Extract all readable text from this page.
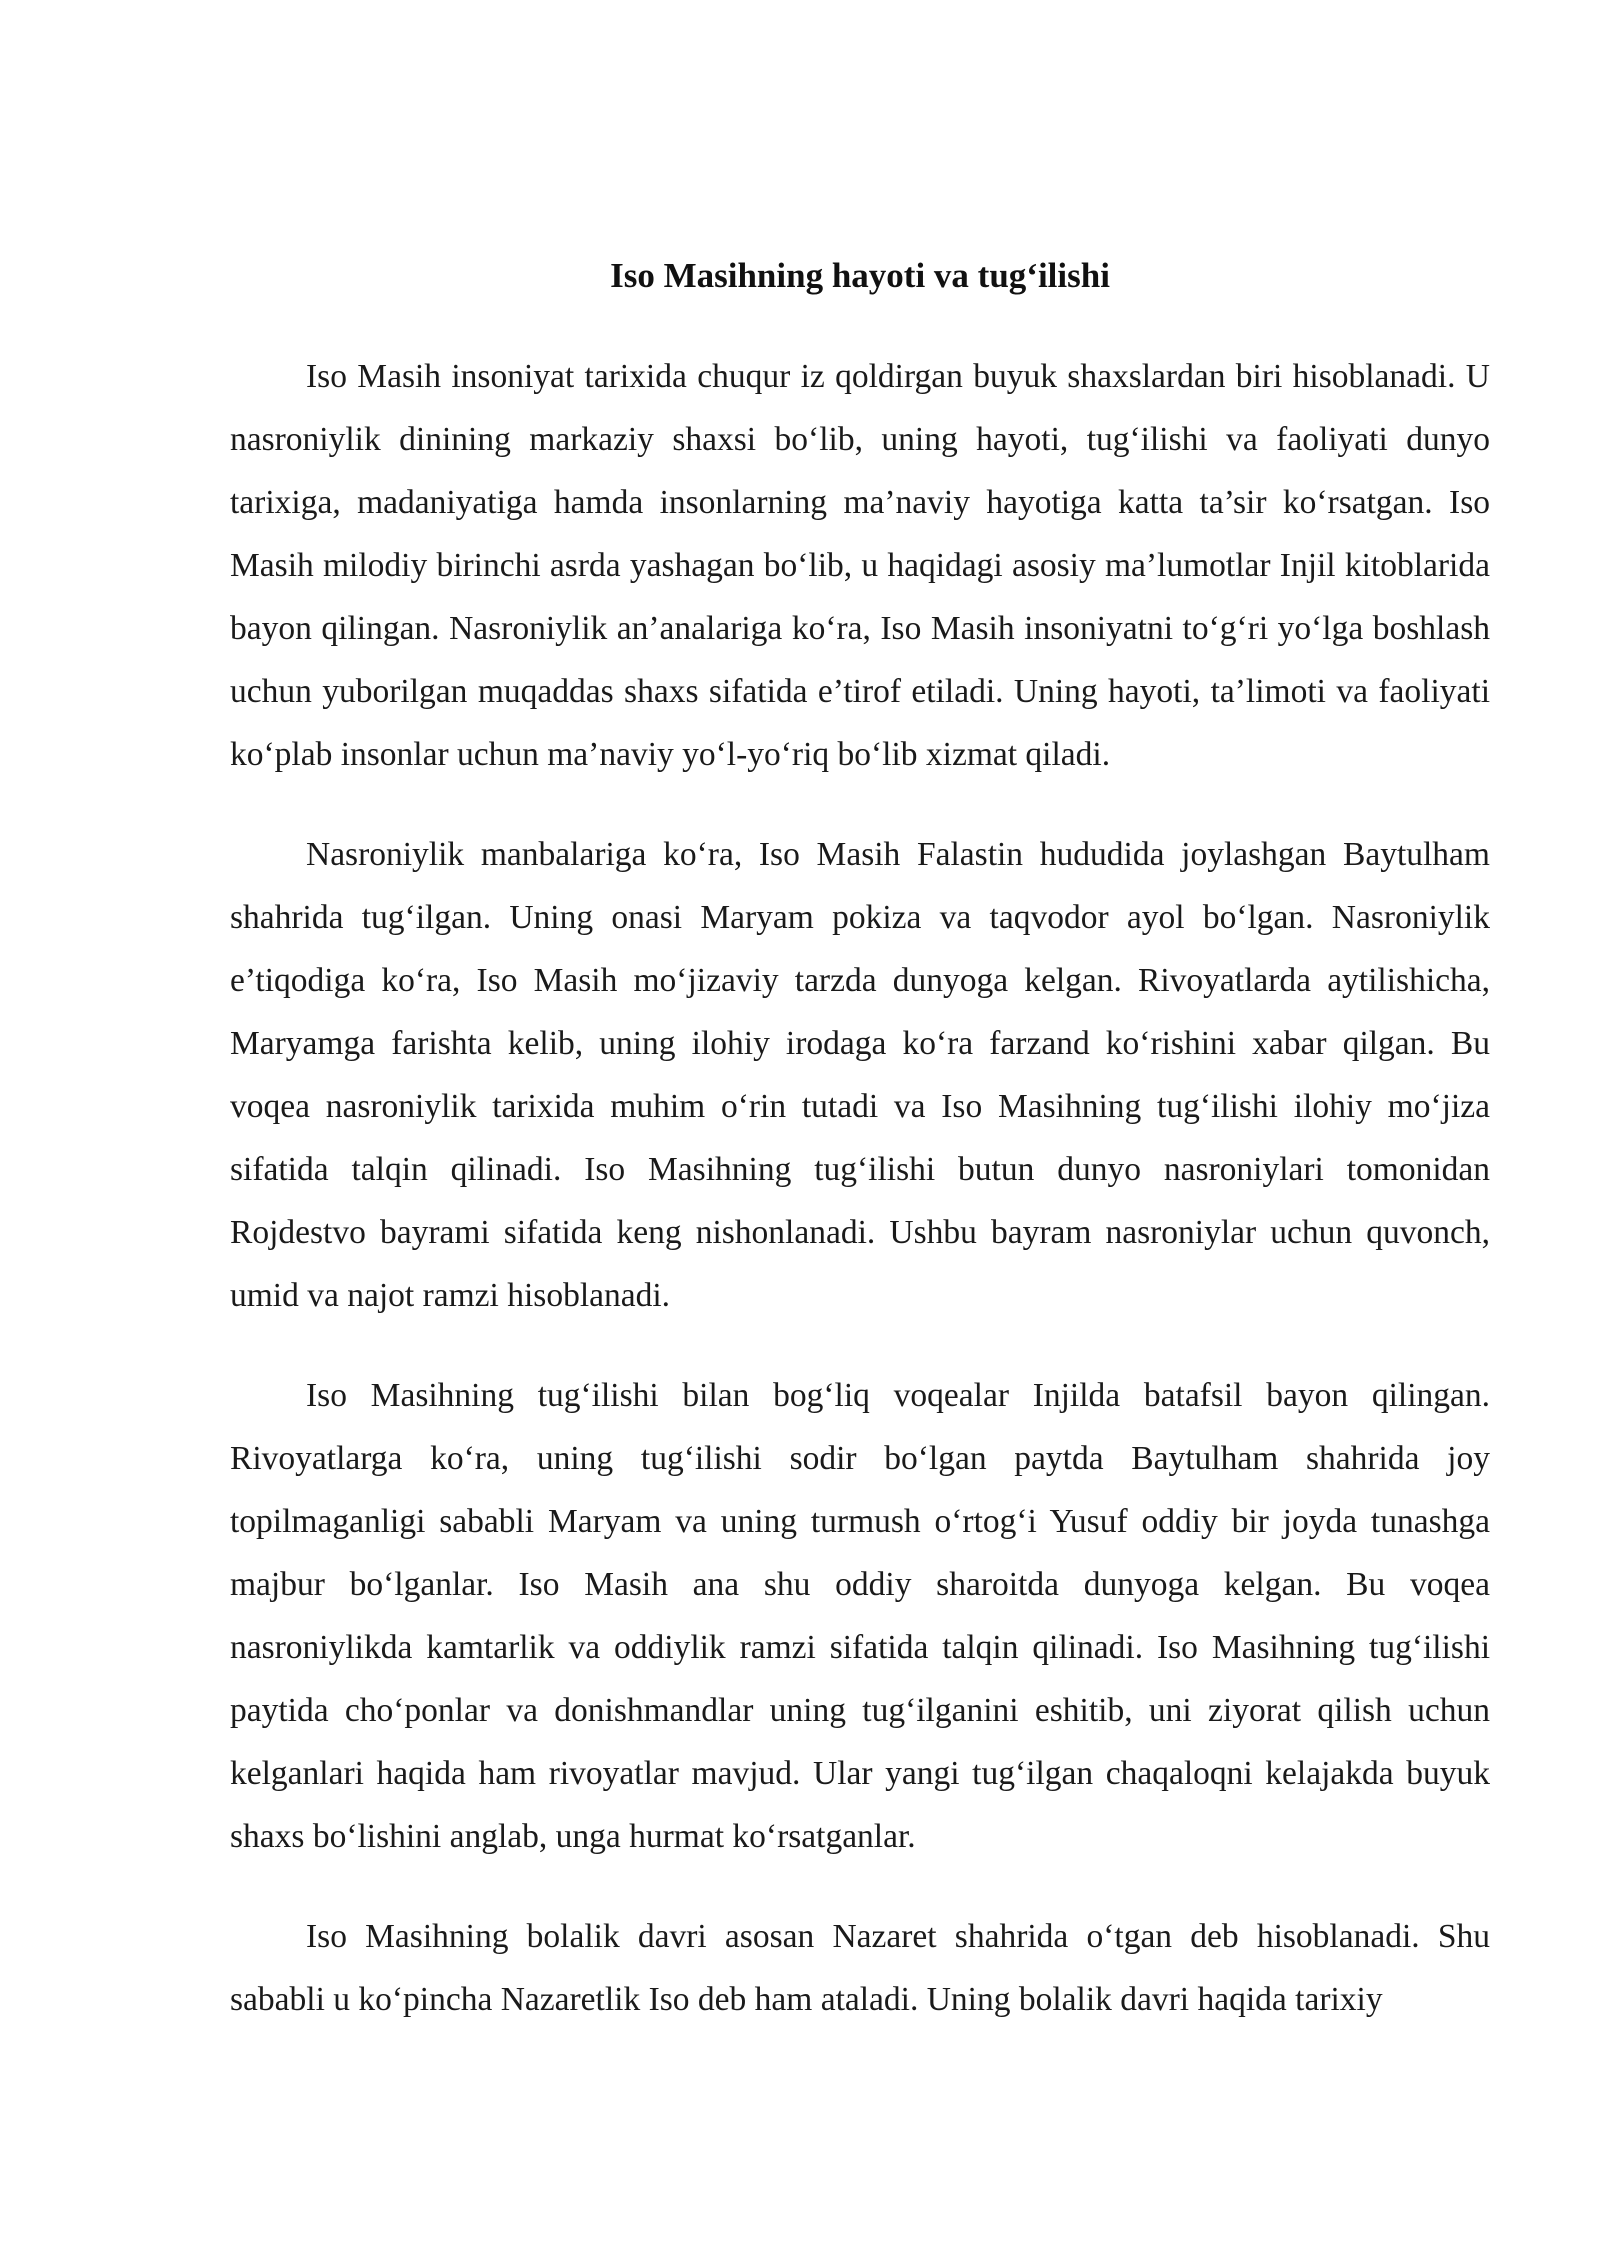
Iso Masihning hayoti va tug‘ilishi

Iso Masih insoniyat tarixida chuqur iz qoldirgan buyuk shaxslardan biri hisoblanadi. U nasroniylik dinining markaziy shaxsi bo‘lib, uning hayoti, tug‘ilishi va faoliyati dunyo tarixiga, madaniyatiga hamda insonlarning ma’naviy hayotiga katta ta’sir ko‘rsatgan. Iso Masih milodiy birinchi asrda yashagan bo‘lib, u haqidagi asosiy ma’lumotlar Injil kitoblarida bayon qilingan. Nasroniylik an’analariga ko‘ra, Iso Masih insoniyatni to‘g‘ri yo‘lga boshlash uchun yuborilgan muqaddas shaxs sifatida e’tirof etiladi. Uning hayoti, ta’limoti va faoliyati ko‘plab insonlar uchun ma’naviy yo‘l-yo‘riq bo‘lib xizmat qiladi.

Nasroniylik manbalariga ko‘ra, Iso Masih Falastin hududida joylashgan Baytulham shahrida tug‘ilgan. Uning onasi Maryam pokiza va taqvodor ayol bo‘lgan. Nasroniylik e’tiqodiga ko‘ra, Iso Masih mo‘jizaviy tarzda dunyoga kelgan. Rivoyatlarda aytilishicha, Maryamga farishta kelib, uning ilohiy irodaga ko‘ra farzand ko‘rishini xabar qilgan. Bu voqea nasroniylik tarixida muhim o‘rin tutadi va Iso Masihning tug‘ilishi ilohiy mo‘jiza sifatida talqin qilinadi. Iso Masihning tug‘ilishi butun dunyo nasroniylari tomonidan Rojdestvo bayrami sifatida keng nishonlanadi. Ushbu bayram nasroniylar uchun quvonch, umid va najot ramzi hisoblanadi.

Iso Masihning tug‘ilishi bilan bog‘liq voqealar Injilda batafsil bayon qilingan. Rivoyatlarga ko‘ra, uning tug‘ilishi sodir bo‘lgan paytda Baytulham shahrida joy topilmaganligi sababli Maryam va uning turmush o‘rtog‘i Yusuf oddiy bir joyda tunashga majbur bo‘lganlar. Iso Masih ana shu oddiy sharoitda dunyoga kelgan. Bu voqea nasroniylikda kamtarlik va oddiylik ramzi sifatida talqin qilinadi. Iso Masihning tug‘ilishi paytida cho‘ponlar va donishmandlar uning tug‘ilganini eshitib, uni ziyorat qilish uchun kelganlari haqida ham rivoyatlar mavjud. Ular yangi tug‘ilgan chaqaloqni kelajakda buyuk shaxs bo‘lishini anglab, unga hurmat ko‘rsatganlar.

Iso Masihning bolalik davri asosan Nazaret shahrida o‘tgan deb hisoblanadi. Shu sababli u ko‘pincha Nazaretlik Iso deb ham ataladi. Uning bolalik davri haqida tarixiy
